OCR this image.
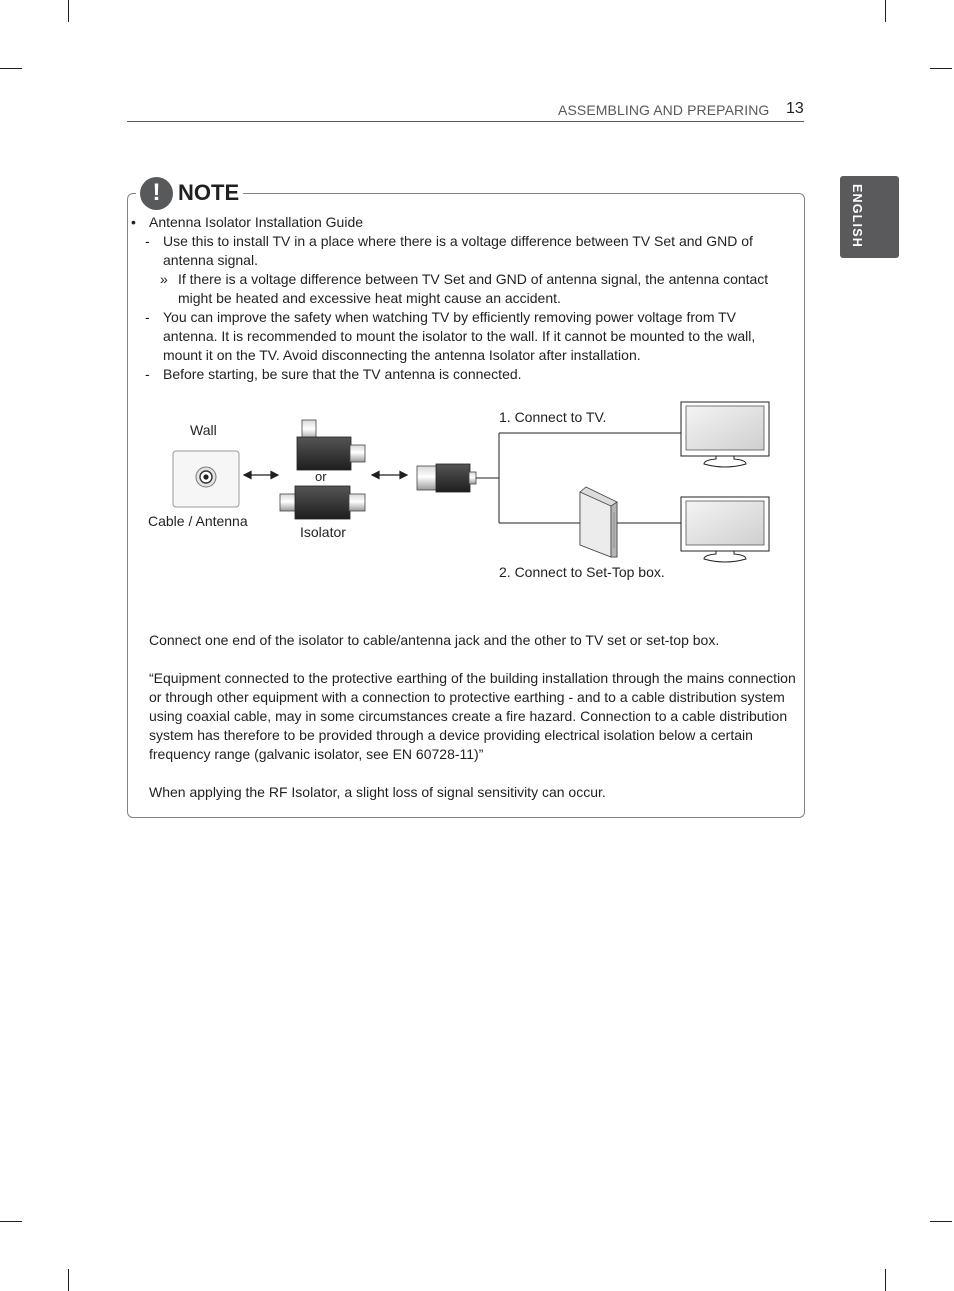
ASSEMBLING AND PREPARING 13
ENGLISH
! NOTE
• Antenna Isolator Installation Guide
- Use this to install TV in a place where there is a voltage difference between TV Set and GND of
antenna signal.
» If there is a voltage difference between TV Set and GND of antenna signal, the antenna contact
might be heated and excessive heat might cause an accident.
- You can improve the safety when watching TV by efficiently removing power voltage from TV
antenna. It is recommended to mount the isolator to the wall. If it cannot be mounted to the wall,
mount it on the TV. Avoid disconnecting the antenna Isolator after installation.
- Before starting, be sure that the TV antenna is connected.
Wall
Cable / Antenna
or
Isolator
1. Connect to TV.
2. Connect to Set-Top box.
Connect one end of the isolator to cable/antenna jack and the other to TV set or set-top box.
“Equipment connected to the protective earthing of the building installation through the mains connection
or through other equipment with a connection to protective earthing - and to a cable distribution system
using coaxial cable, may in some circumstances create a fire hazard. Connection to a cable distribution
system has therefore to be provided through a device providing electrical isolation below a certain
frequency range (galvanic isolator, see EN 60728-11)”
When applying the RF Isolator, a slight loss of signal sensitivity can occur.
